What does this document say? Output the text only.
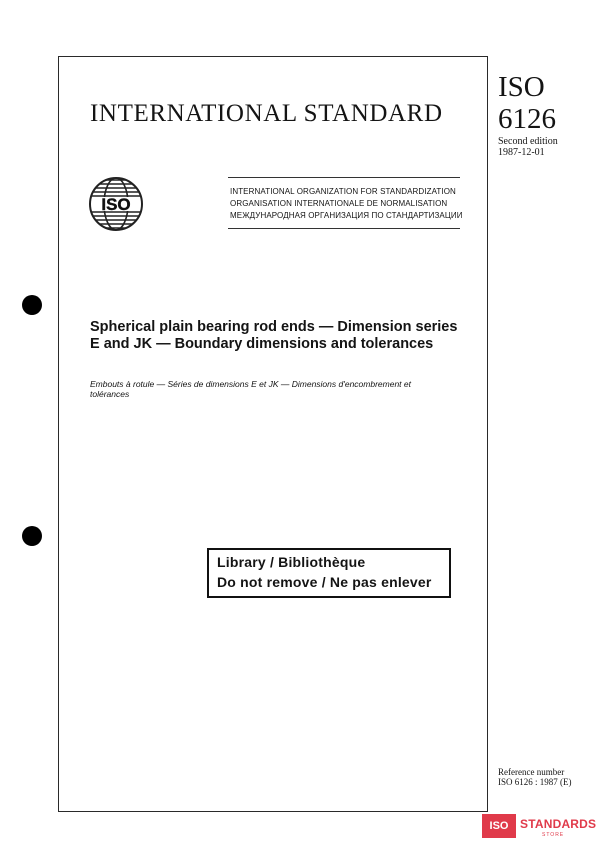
INTERNATIONAL STANDARD
ISO
6126
Second edition
1987-12-01
ISO
INTERNATIONAL ORGANIZATION FOR STANDARDIZATION
ORGANISATION INTERNATIONALE DE NORMALISATION
МЕЖДУНАРОДНАЯ ОРГАНИЗАЦИЯ ПО СТАНДАРТИЗАЦИИ
Spherical plain bearing rod ends — Dimension series E and JK — Boundary dimensions and tolerances
Embouts à rotule — Séries de dimensions E et JK — Dimensions d'encombrement et tolérances
Library / Bibliothèque
Do not remove / Ne pas enlever
Reference number
ISO 6126 : 1987 (E)
ISO STANDARDS
STORE
